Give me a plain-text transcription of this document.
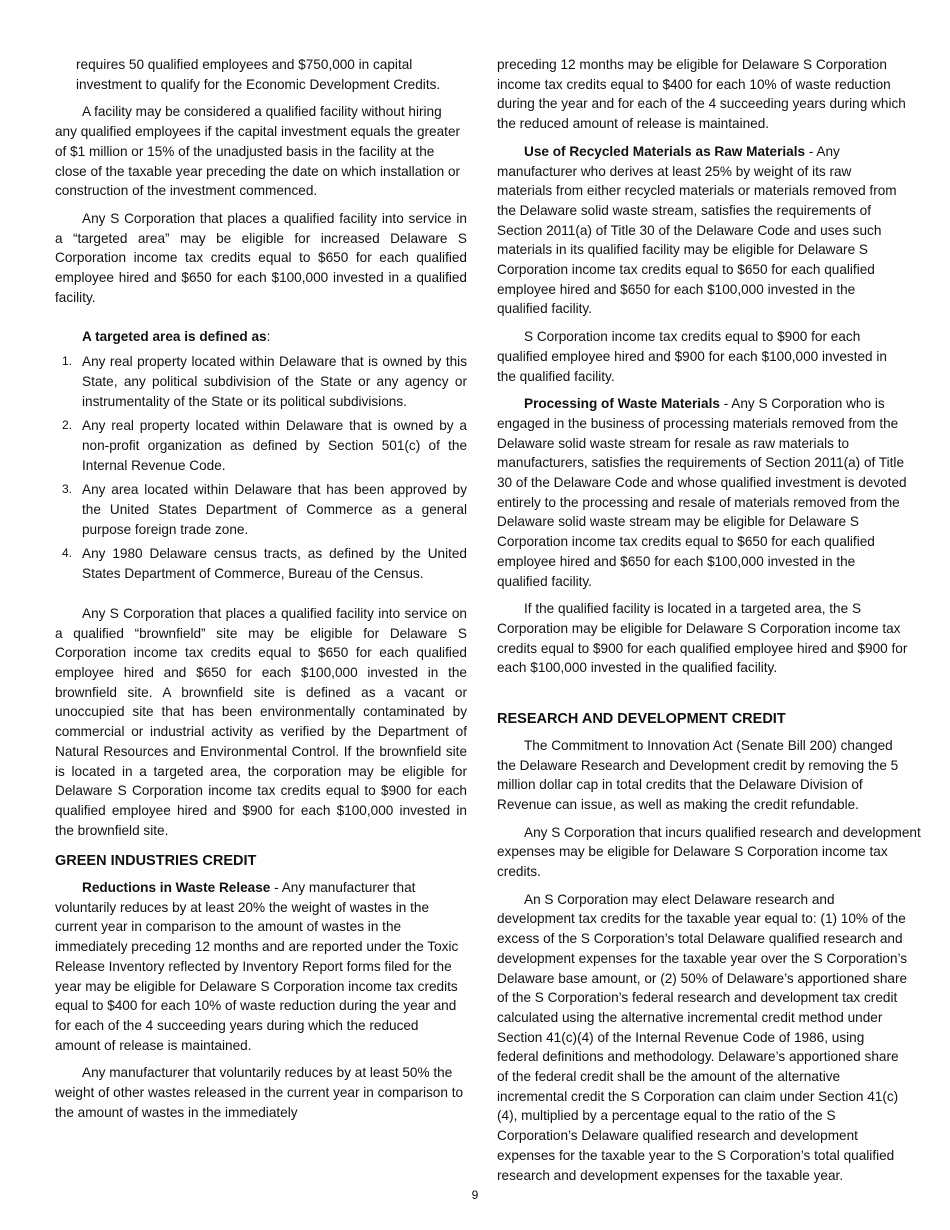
requires 50 qualified employees and $750,000 in capital investment to qualify for the Economic Development Credits.

A facility may be considered a qualified facility without hiring any qualified employees if the capital investment equals the greater of $1 million or 15% of the unadjusted basis in the facility at the close of the taxable year preceding the date on which installation or construction of the investment commenced.

Any S Corporation that places a qualified facility into service in a “targeted area” may be eligible for increased Delaware S Corporation income tax credits equal to $650 for each qualified employee hired and $650 for each $100,000 invested in a qualified facility.

A targeted area is defined as:

1. Any real property located within Delaware that is owned by this State, any political subdivision of the State or any agency or instrumentality of the State or its political subdivisions.
2. Any real property located within Delaware that is owned by a non-profit organization as defined by Section 501(c) of the Internal Revenue Code.
3. Any area located within Delaware that has been approved by the United States Department of Commerce as a general purpose foreign trade zone.
4. Any 1980 Delaware census tracts, as defined by the United States Department of Commerce, Bureau of the Census.

Any S Corporation that places a qualified facility into service on a qualified “brownfield” site may be eligible for Delaware S Corporation income tax credits equal to $650 for each qualified employee hired and $650 for each $100,000 invested in the brownfield site. A brownfield site is defined as a vacant or unoccupied site that has been environmentally contaminated by commercial or industrial activity as verified by the Department of Natural Resources and Environmental Control. If the brownfield site is located in a targeted area, the corporation may be eligible for Delaware S Corporation income tax credits equal to $900 for each qualified employee hired and $900 for each $100,000 invested in the brownfield site.

GREEN INDUSTRIES CREDIT

Reductions in Waste Release - Any manufacturer that voluntarily reduces by at least 20% the weight of wastes in the current year in comparison to the amount of wastes in the immediately preceding 12 months and are reported under the Toxic Release Inventory reflected by Inventory Report forms filed for the year may be eligible for Delaware S Corporation income tax credits equal to $400 for each 10% of waste reduction during the year and for each of the 4 succeeding years during which the reduced amount of release is maintained.

Any manufacturer that voluntarily reduces by at least 50% the weight of other wastes released in the current year in comparison to the amount of wastes in the immediately

preceding 12 months may be eligible for Delaware S Corporation income tax credits equal to $400 for each 10% of waste reduction during the year and for each of the 4 succeeding years during which the reduced amount of release is maintained.

Use of Recycled Materials as Raw Materials - Any manufacturer who derives at least 25% by weight of its raw materials from either recycled materials or materials removed from the Delaware solid waste stream, satisfies the requirements of Section 2011(a) of Title 30 of the Delaware Code and uses such materials in its qualified facility may be eligible for Delaware S Corporation income tax credits equal to $650 for each qualified employee hired and $650 for each $100,000 invested in the qualified facility.

S Corporation income tax credits equal to $900 for each qualified employee hired and $900 for each $100,000 invested in the qualified facility.

Processing of Waste Materials - Any S Corporation who is engaged in the business of processing materials removed from the Delaware solid waste stream for resale as raw materials to manufacturers, satisfies the requirements of Section 2011(a) of Title 30 of the Delaware Code and whose qualified investment is devoted entirely to the processing and resale of materials removed from the Delaware solid waste stream may be eligible for Delaware S Corporation income tax credits equal to $650 for each qualified employee hired and $650 for each $100,000 invested in the qualified facility.

If the qualified facility is located in a targeted area, the S Corporation may be eligible for Delaware S Corporation income tax credits equal to $900 for each qualified employee hired and $900 for each $100,000 invested in the qualified facility.

RESEARCH AND DEVELOPMENT CREDIT

The Commitment to Innovation Act (Senate Bill 200) changed the Delaware Research and Development credit by removing the 5 million dollar cap in total credits that the Delaware Division of Revenue can issue, as well as making the credit refundable.

Any S Corporation that incurs qualified research and development expenses may be eligible for Delaware S Corporation income tax credits.

An S Corporation may elect Delaware research and development tax credits for the taxable year equal to: (1) 10% of the excess of the S Corporation’s total Delaware qualified research and development expenses for the taxable year over the S Corporation’s Delaware base amount, or (2) 50% of Delaware’s apportioned share of the S Corporation’s federal research and development tax credit calculated using the alternative incremental credit method under Section 41(c)(4) of the Internal Revenue Code of 1986, using federal definitions and methodology. Delaware’s apportioned share of the federal credit shall be the amount of the alternative incremental credit the S Corporation can claim under Section 41(c) (4), multiplied by a percentage equal to the ratio of the S Corporation’s Delaware qualified research and development expenses for the taxable year to the S Corporation’s total qualified research and development expenses for the taxable year.

9
